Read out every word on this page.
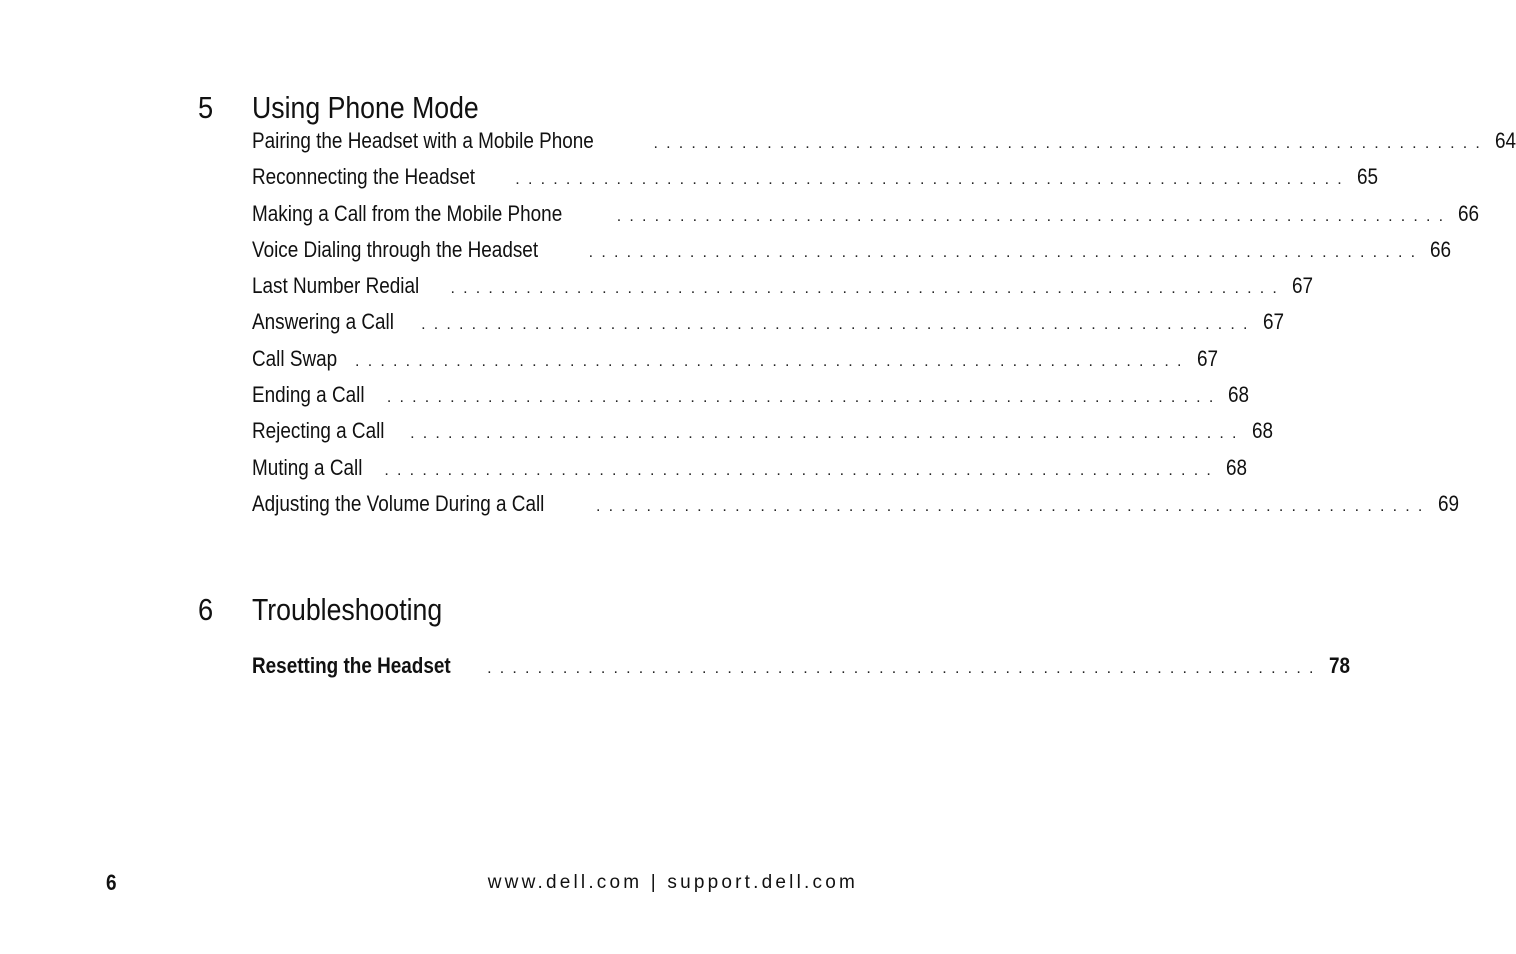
5	Using Phone Mode
Pairing the Headset with a Mobile Phone	.................................................................. 64
Reconnecting the Headset	.................................................................. 65
Making a Call from the Mobile Phone	.................................................................. 66
Voice Dialing through the Headset	.................................................................. 66
Last Number Redial	.................................................................. 67
Answering a Call	.................................................................. 67
Call Swap	.................................................................. 67
Ending a Call	.................................................................. 68
Rejecting a Call	.................................................................. 68
Muting a Call	.................................................................. 68
Adjusting the Volume During a Call	.................................................................. 69
6	Troubleshooting
Resetting the Headset	.................................................................. 78
6	www.dell.com | support.dell.com
